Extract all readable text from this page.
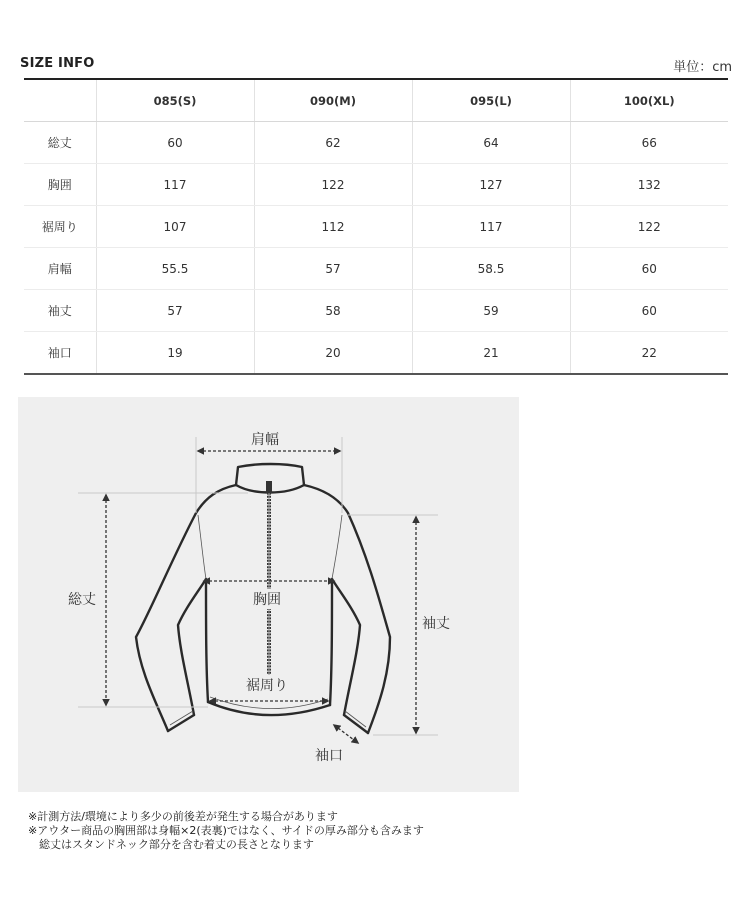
SIZE INFO	単位：cm
	085(S)	090(M)	095(L)	100(XL)
総丈	60	62	64	66
胸囲	117	122	127	132
裾周り	107	112	117	122
肩幅	55.5	57	58.5	60
袖丈	57	58	59	60
袖口	19	20	21	22
肩幅
胸囲
裾周り
総丈
袖丈
袖口
※計測方法/環境により多少の前後差が発生する場合があります
※アウター商品の胸囲部は身幅×2(表裏)ではなく、サイドの厚み部分も含みます
　総丈はスタンドネック部分を含む着丈の長さとなります
